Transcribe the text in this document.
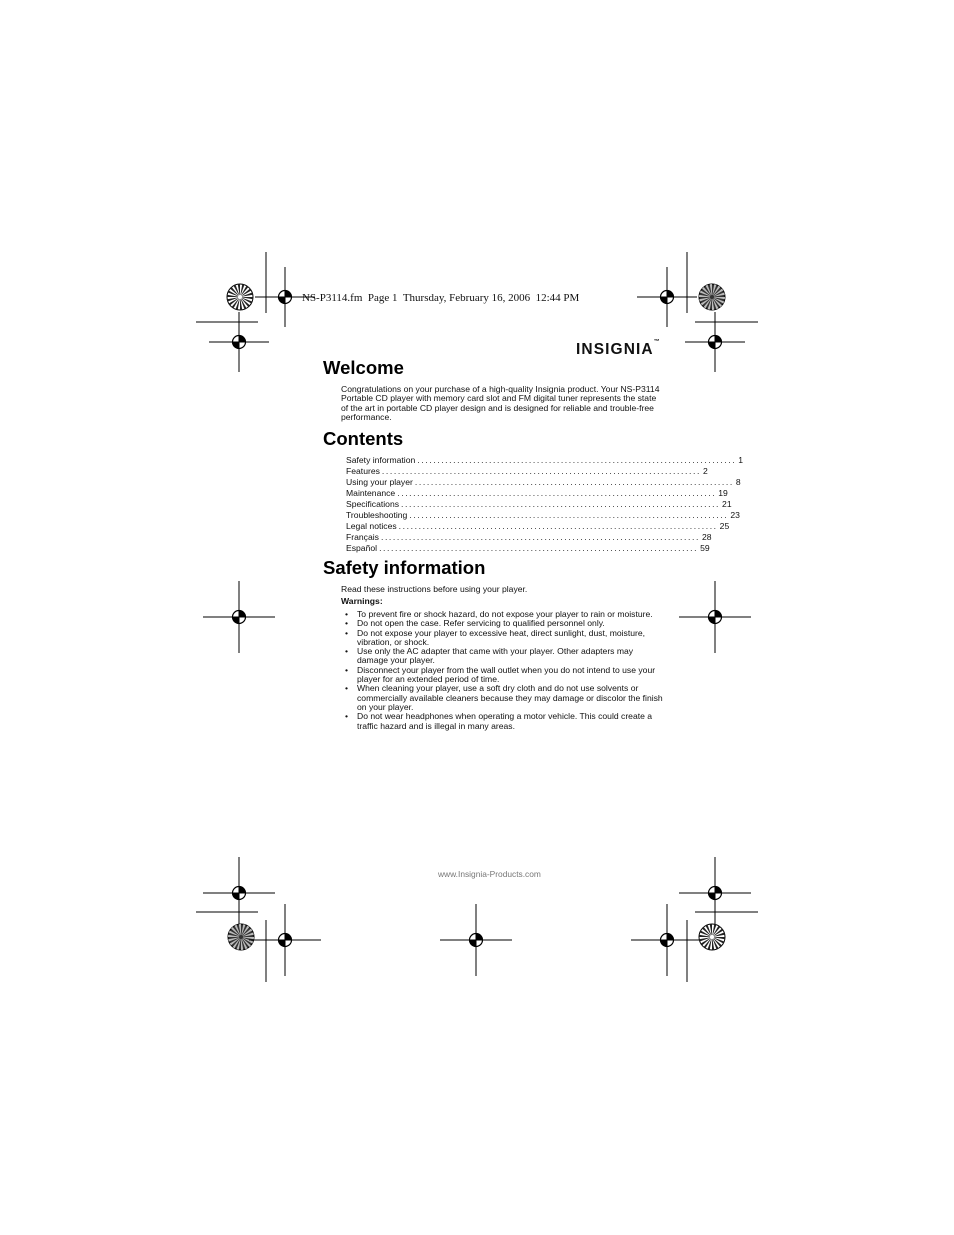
NS-P3114.fm  Page 1  Thursday, February 16, 2006  12:44 PM
INSIGNIA™
Welcome
Congratulations on your purchase of a high-quality Insignia product. Your NS-P3114 Portable CD player with memory card slot and FM digital tuner represents the state of the art in portable CD player design and is designed for reliable and trouble-free performance.
Contents
Safety information ................................................................................ 1
Features ................................................................................ 2
Using your player ................................................................................ 8
Maintenance ................................................................................ 19
Specifications ................................................................................ 21
Troubleshooting ................................................................................ 23
Legal notices ................................................................................ 25
Français ................................................................................ 28
Español ................................................................................ 59
Safety information
Read these instructions before using your player.
Warnings:
• To prevent fire or shock hazard, do not expose your player to rain or moisture.
• Do not open the case. Refer servicing to qualified personnel only.
• Do not expose your player to excessive heat, direct sunlight, dust, moisture, vibration, or shock.
• Use only the AC adapter that came with your player. Other adapters may damage your player.
• Disconnect your player from the wall outlet when you do not intend to use your player for an extended period of time.
• When cleaning your player, use a soft dry cloth and do not use solvents or commercially available cleaners because they may damage or discolor the finish on your player.
• Do not wear headphones when operating a motor vehicle. This could create a traffic hazard and is illegal in many areas.
www.Insignia-Products.com
